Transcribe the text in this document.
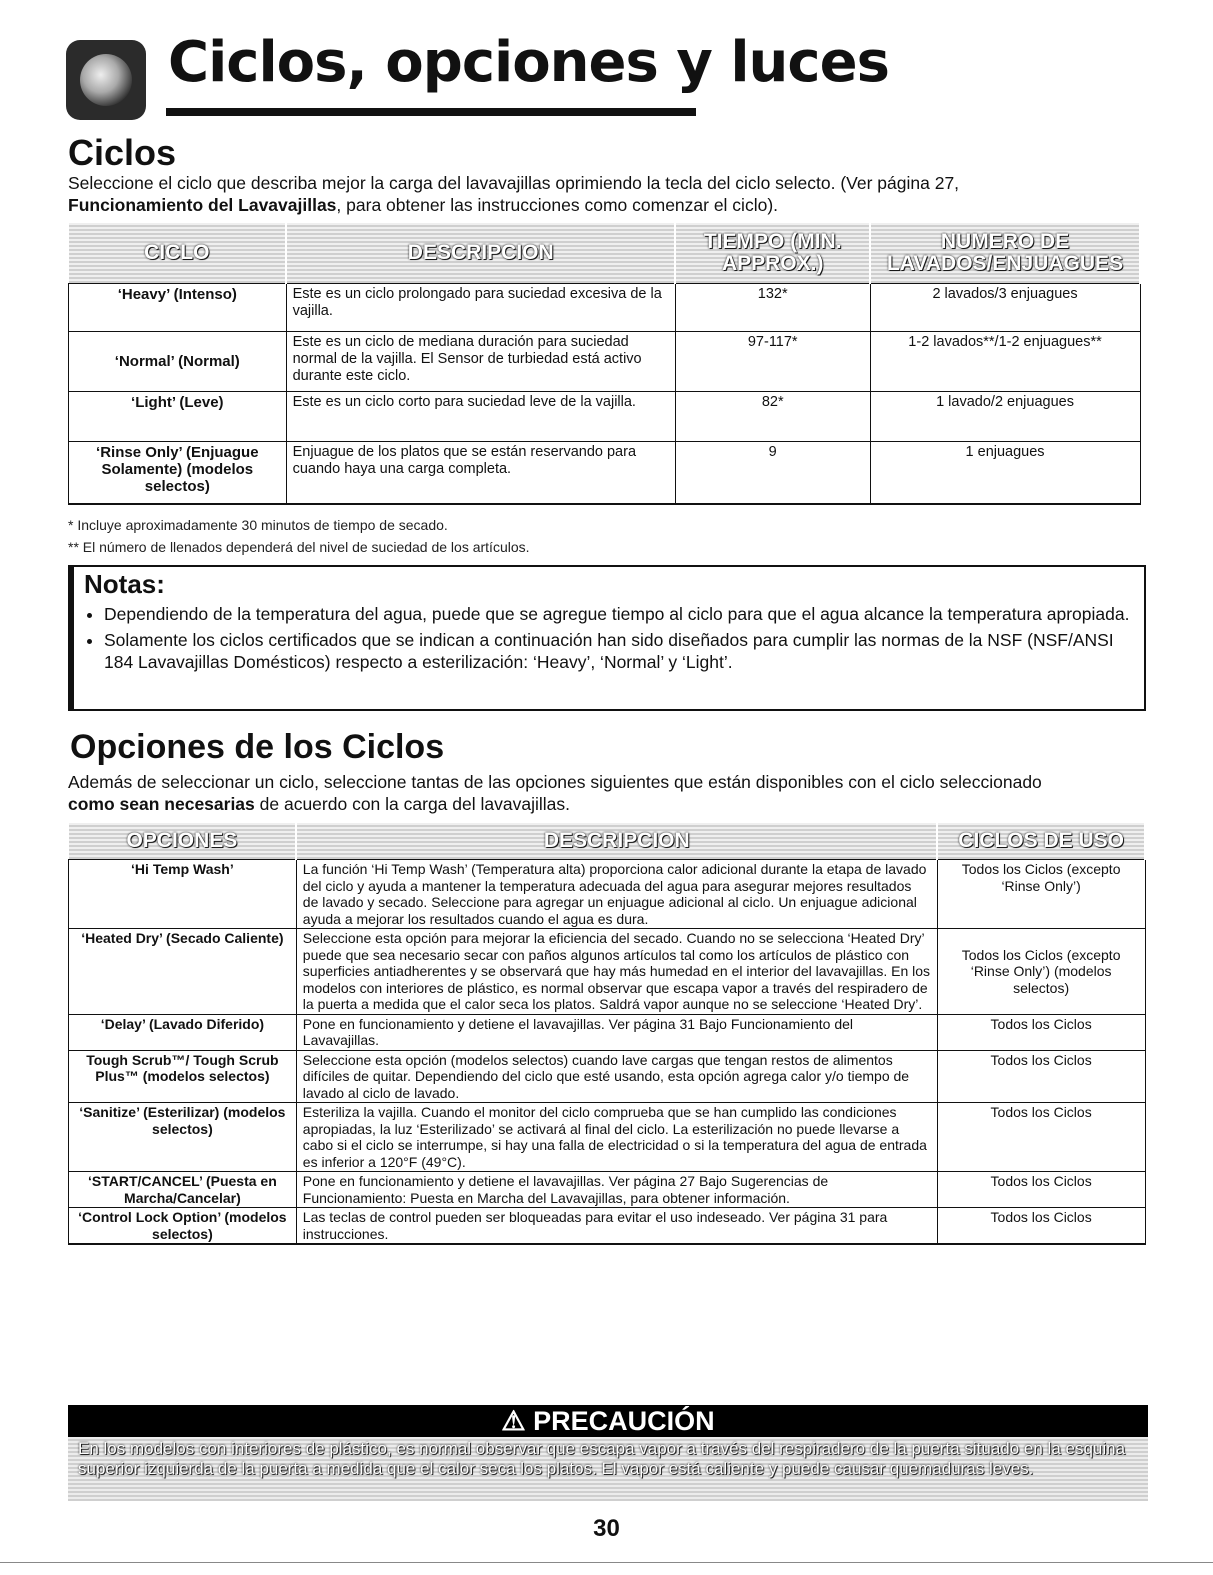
Ciclos, opciones y luces
Ciclos
Seleccione el ciclo que describa mejor la carga del lavavajillas oprimiendo la tecla del ciclo selecto. (Ver página 27,
Funcionamiento del Lavavajillas, para obtener las instrucciones como comenzar el ciclo).
CICLO	DESCRIPCION	TIEMPO (MIN. APPROX.)	NUMERO DE LAVADOS/ENJUAGUES
‘Heavy’ (Intenso)	Este es un ciclo prolongado para suciedad excesiva de la vajilla.	132*	2 lavados/3 enjuagues
‘Normal’ (Normal)	Este es un ciclo de mediana duración para suciedad normal de la vajilla. El Sensor de turbiedad está activo durante este ciclo.	97-117*	1-2 lavados**/1-2 enjuagues**
‘Light’ (Leve)	Este es un ciclo corto para suciedad leve de la vajilla.	82*	1 lavado/2 enjuagues
‘Rinse Only’ (Enjuague Solamente) (modelos selectos)	Enjuague de los platos que se están reservando para cuando haya una carga completa.	9	1 enjuagues
* Incluye aproximadamente 30 minutos de tiempo de secado.
** El número de llenados dependerá del nivel de suciedad de los artículos.
Notas:
• Dependiendo de la temperatura del agua, puede que se agregue tiempo al ciclo para que el agua alcance la temperatura apropiada.
• Solamente los ciclos certificados que se indican a continuación han sido diseñados para cumplir las normas de la NSF (NSF/ANSI 184 Lavavajillas Domésticos) respecto a esterilización: ‘Heavy’, ‘Normal’ y ‘Light’.
Opciones de los Ciclos
Además de seleccionar un ciclo, seleccione tantas de las opciones siguientes que están disponibles con el ciclo seleccionado
como sean necesarias de acuerdo con la carga del lavavajillas.
OPCIONES	DESCRIPCION	CICLOS DE USO
‘Hi Temp Wash’	La función ‘Hi Temp Wash’ (Temperatura alta) proporciona calor adicional durante la etapa de lavado del ciclo y ayuda a mantener la temperatura adecuada del agua para asegurar mejores resultados de lavado y secado. Seleccione para agregar un enjuague adicional al ciclo. Un enjuague adicional ayuda a mejorar los resultados cuando el agua es dura.	Todos los Ciclos (excepto ‘Rinse Only’)
‘Heated Dry’ (Secado Caliente)	Seleccione esta opción para mejorar la eficiencia del secado. Cuando no se selecciona ‘Heated Dry’ puede que sea necesario secar con paños algunos artículos tal como los artículos de plástico con superficies antiadherentes y se observará que hay más humedad en el interior del lavavajillas. En los modelos con interiores de plástico, es normal observar que escapa vapor a través del respiradero de la puerta a medida que el calor seca los platos. Saldrá vapor aunque no se seleccione ‘Heated Dry’.	Todos los Ciclos (excepto ‘Rinse Only’) (modelos selectos)
‘Delay’ (Lavado Diferido)	Pone en funcionamiento y detiene el lavavajillas. Ver página 31 Bajo Funcionamiento del Lavavajillas.	Todos los Ciclos
Tough Scrub™/ Tough Scrub Plus™ (modelos selectos)	Seleccione esta opción (modelos selectos) cuando lave cargas que tengan restos de alimentos difíciles de quitar. Dependiendo del ciclo que esté usando, esta opción agrega calor y/o tiempo de lavado al ciclo de lavado.	Todos los Ciclos
‘Sanitize’ (Esterilizar) (modelos selectos)	Esteriliza la vajilla. Cuando el monitor del ciclo comprueba que se han cumplido las condiciones apropiadas, la luz ‘Esterilizado’ se activará al final del ciclo. La esterilización no puede llevarse a cabo si el ciclo se interrumpe, si hay una falla de electricidad o si la temperatura del agua de entrada es inferior a 120°F (49°C).	Todos los Ciclos
‘START/CANCEL’ (Puesta en Marcha/Cancelar)	Pone en funcionamiento y detiene el lavavajillas. Ver página 27 Bajo Sugerencias de Funcionamiento: Puesta en Marcha del Lavavajillas, para obtener información.	Todos los Ciclos
‘Control Lock Option’ (modelos selectos)	Las teclas de control pueden ser bloqueadas para evitar el uso indeseado. Ver página 31 para instrucciones.	Todos los Ciclos
⚠ PRECAUCIÓN
En los modelos con interiores de plástico, es normal observar que escapa vapor a través del respiradero de la puerta situado en la esquina superior izquierda de la puerta a medida que el calor seca los platos. El vapor está caliente y puede causar quemaduras leves.
30
